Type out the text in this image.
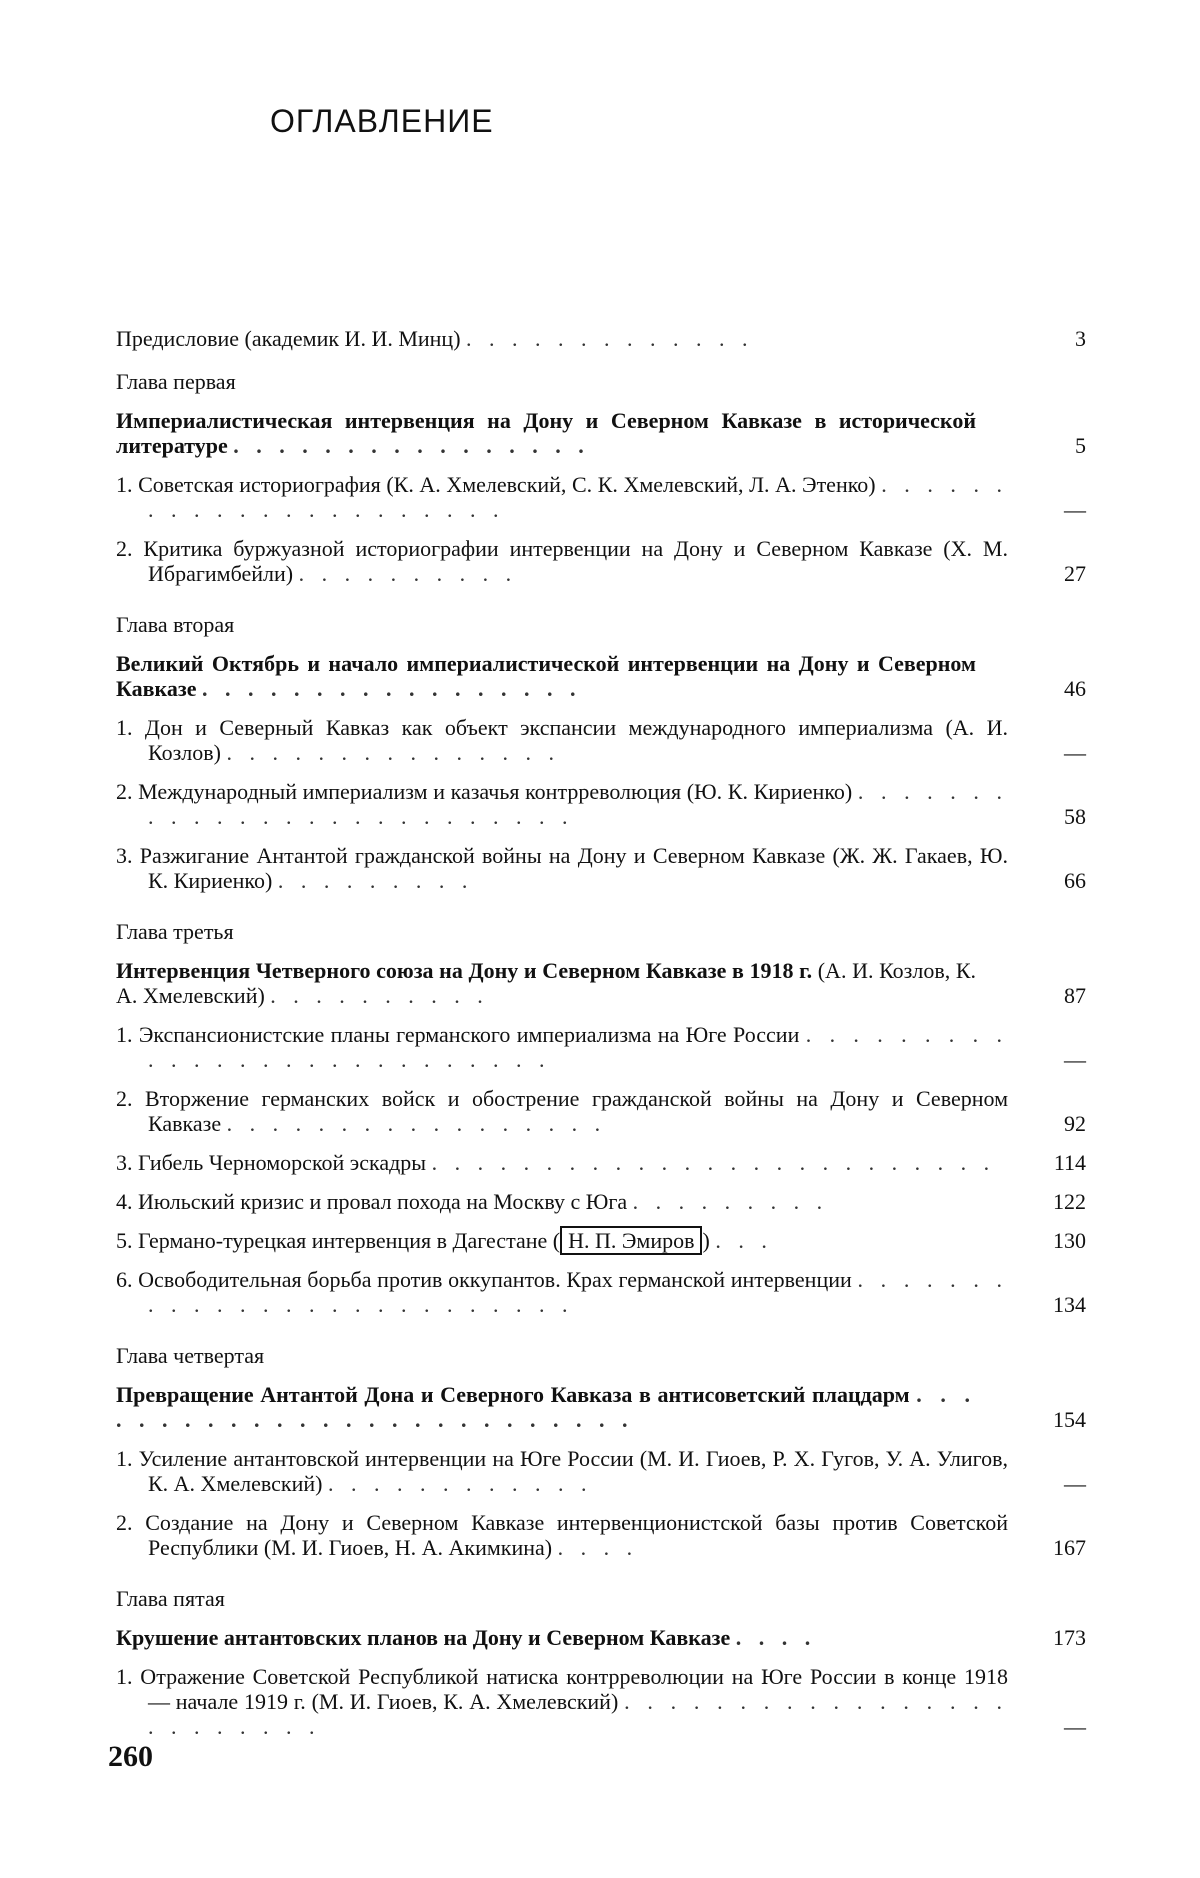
ОГЛАВЛЕНИЕ
Предисловие (академик И. И. Минц) . . . . . . . . . . . . .	3
Глава первая
Империалистическая интервенция на Дону и Северном Кавказе в исторической литературе . . . . . . . . . . . . . . . .	5
1. Советская историография (К. А. Хмелевский, С. К. Хмелевский, Л. А. Этенко) . . . . . . . . . . . . . . . . . . . . . .	—
2. Критика буржуазной историографии интервенции на Дону и Северном Кавказе (Х. М. Ибрагимбейли) . . . . . . . . . .	27
Глава вторая
Великий Октябрь и начало империалистической интервенции на Дону и Северном Кавказе . . . . . . . . . . . . . . . . .	46
1. Дон и Северный Кавказ как объект экспансии международного империализма (А. И. Козлов) . . . . . . . . . . . . . . .	—
2. Международный империализм и казачья контрреволюция (Ю. К. Кириенко) . . . . . . . . . . . . . . . . . . . . . . . . . .	58
3. Разжигание Антантой гражданской войны на Дону и Северном Кавказе (Ж. Ж. Гакаев, Ю. К. Кириенко) . . . . . . . . .	66
Глава третья
Интервенция Четверного союза на Дону и Северном Кавказе в 1918 г. (А. И. Козлов, К. А. Хмелевский) . . . . . . . . . .	87
1. Экспансионистские планы германского империализма на Юге России . . . . . . . . . . . . . . . . . . . . . . . . . . .	—
2. Вторжение германских войск и обострение гражданской войны на Дону и Северном Кавказе . . . . . . . . . . . . . . . . .	92
3. Гибель Черноморской эскадры . . . . . . . . . . . . . . . . . . . . . . . . .	114
4. Июльский кризис и провал похода на Москву с Юга . . . . . . . . .	122
5. Германо-турецкая интервенция в Дагестане ( Н. П. Эмиров ) . . .	130
6. Освободительная борьба против оккупантов. Крах германской интервенции . . . . . . . . . . . . . . . . . . . . . . . . . .	134
Глава четвертая
Превращение Антантой Дона и Северного Кавказа в антисоветский плацдарм . . . . . . . . . . . . . . . . . . . . . . . . . .	154
1. Усиление антантовской интервенции на Юге России (М. И. Гиоев, Р. Х. Гугов, У. А. Улигов, К. А. Хмелевский) . . . . . . . . . . . .	—
2. Создание на Дону и Северном Кавказе интервенционистской базы против Советской Республики (М. И. Гиоев, Н. А. Акимкина) . . . .	167
Глава пятая
Крушение антантовских планов на Дону и Северном Кавказе . . . .	173
1. Отражение Советской Республикой натиска контрреволюции на Юге России в конце 1918 — начале 1919 г. (М. И. Гиоев, К. А. Хмелевский) . . . . . . . . . . . . . . . . . . . . . . . . .	—
260
